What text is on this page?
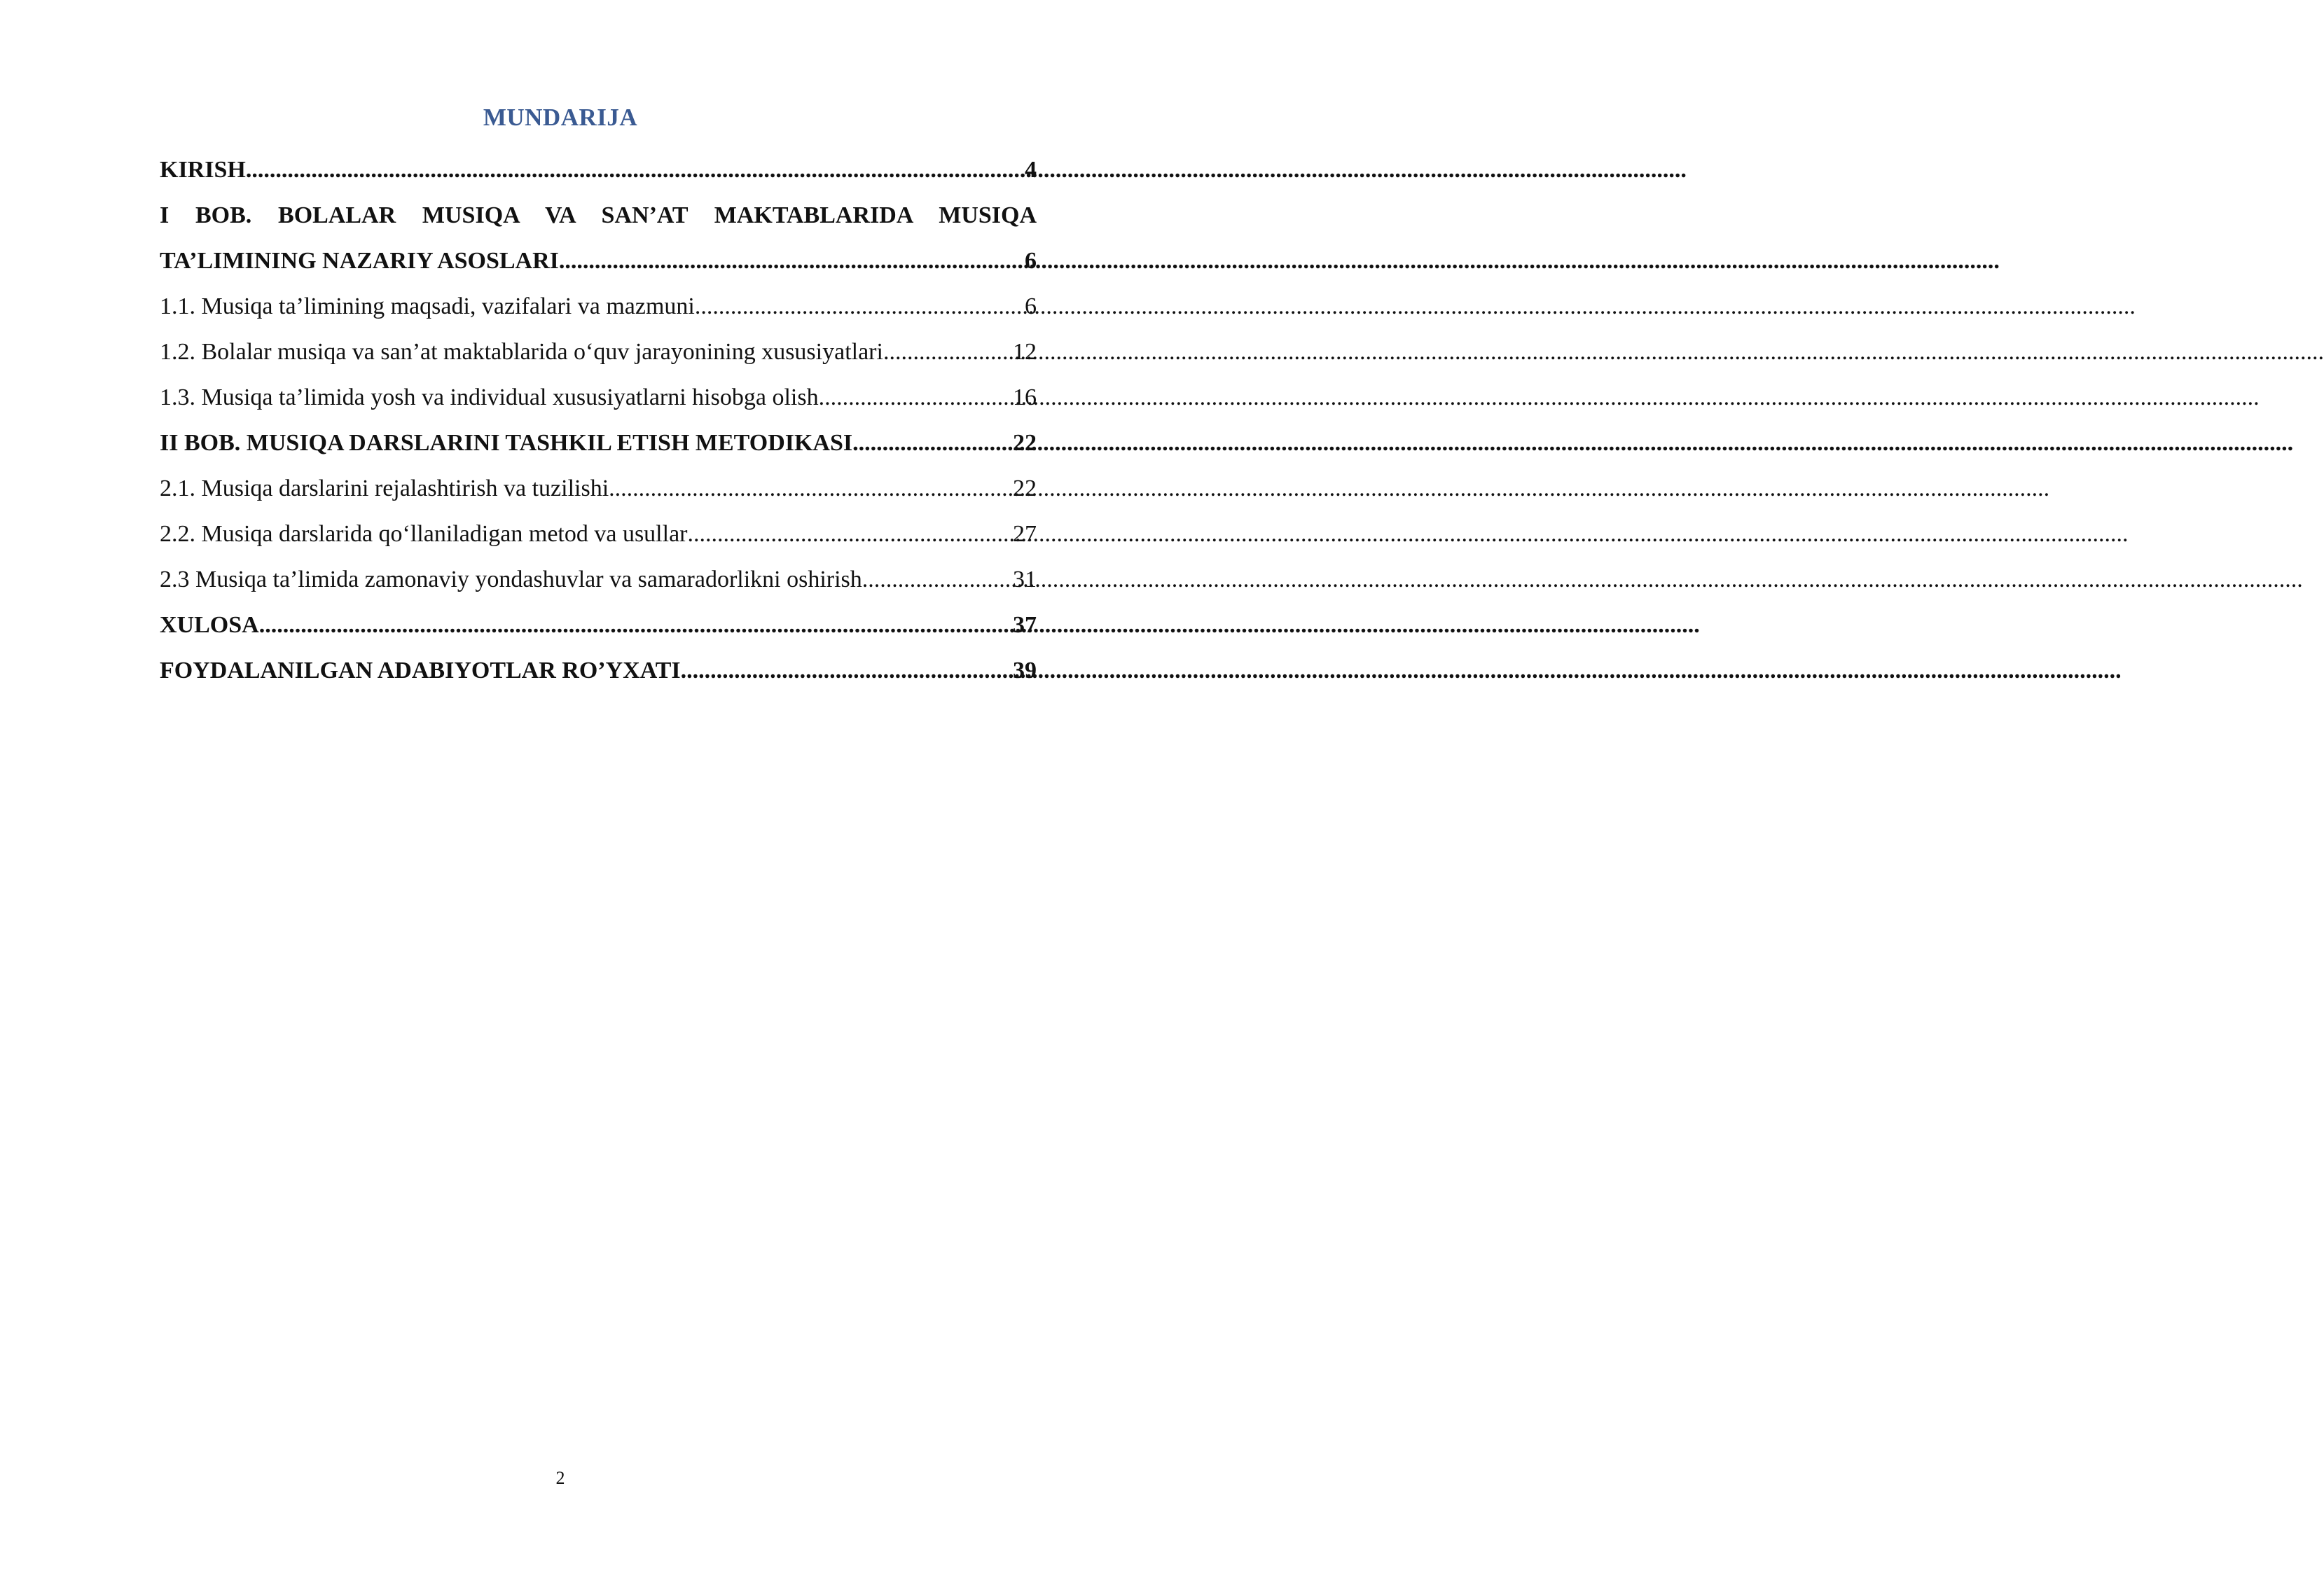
MUNDARIJA
KIRISH .....	4
I BOB. BOLALAR MUSIQA VA SAN’AT MAKTABLARIDA MUSIQA
TA’LIMINING NAZARIY ASOSLARI .....	6
1.1. Musiqa ta’limining maqsadi, vazifalari va mazmuni .....	6
1.2. Bolalar musiqa va san’at maktablarida o‘quv jarayonining xususiyatlari .....	12
1.3. Musiqa ta’limida yosh va individual xususiyatlarni hisobga olish .....	16
II BOB. MUSIQA DARSLARINI TASHKIL ETISH METODIKASI .....	22
2.1. Musiqa darslarini rejalashtirish va tuzilishi .....	22
2.2. Musiqa darslarida qo‘llaniladigan metod va usullar .....	27
2.3 Musiqa ta’limida zamonaviy yondashuvlar va samaradorlikni oshirish .....	31
XULOSA .....	37
FOYDALANILGAN ADABIYOTLAR RO’YXATI .....	39
2
